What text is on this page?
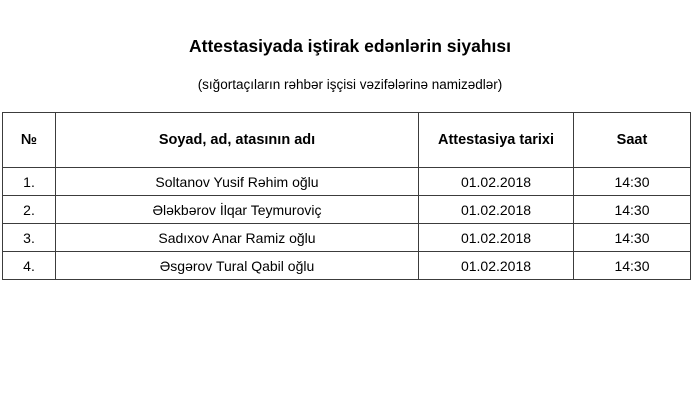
Attestasiyada iştirak edənlərin siyahısı
(sığortaçıların rəhbər işçisi vəzifələrinə namizədlər)
№	Soyad, ad, atasının adı	Attestasiya tarixi	Saat
1.	Soltanov Yusif Rəhim oğlu	01.02.2018	14:30
2.	Ələkbərov İlqar Teymuroviç	01.02.2018	14:30
3.	Sadıxov Anar Ramiz oğlu	01.02.2018	14:30
4.	Əsgərov Tural Qabil oğlu	01.02.2018	14:30
